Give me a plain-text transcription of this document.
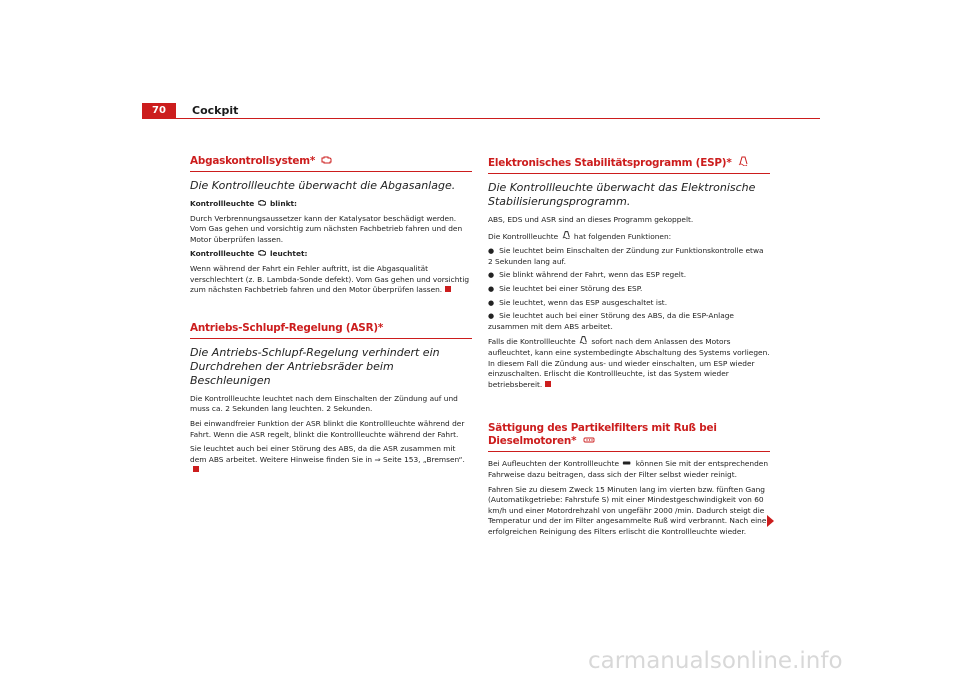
70	Cockpit
Abgaskontrollsystem*
Die Kontrollleuchte überwacht die Abgasanlage.
Kontrollleuchte blinkt:
Durch Verbrennungsaussetzer kann der Katalysator beschädigt werden. Vom Gas gehen und vorsichtig zum nächsten Fachbetrieb fahren und den Motor überprüfen lassen.
Kontrollleuchte leuchtet:
Wenn während der Fahrt ein Fehler auftritt, ist die Abgasqualität verschlechtert (z. B. Lambda-Sonde defekt). Vom Gas gehen und vorsichtig zum nächsten Fachbetrieb fahren und den Motor überprüfen lassen.
Antriebs-Schlupf-Regelung (ASR)*
Die Antriebs-Schlupf-Regelung verhindert ein Durchdrehen der Antriebsräder beim Beschleunigen
Die Kontrollleuchte leuchtet nach dem Einschalten der Zündung auf und muss ca. 2 Sekunden lang leuchten. 2 Sekunden.
Bei einwandfreier Funktion der ASR blinkt die Kontrollleuchte während der Fahrt. Wenn die ASR regelt, blinkt die Kontrollleuchte während der Fahrt.
Sie leuchtet auch bei einer Störung des ABS, da die ASR zusammen mit dem ABS arbeitet. Weitere Hinweise finden Sie in ⇒ Seite 153, „Bremsen“.
Elektronisches Stabilitätsprogramm (ESP)*
Die Kontrollleuchte überwacht das Elektronische Stabilisierungsprogramm.
ABS, EDS und ASR sind an dieses Programm gekoppelt.
Die Kontrollleuchte hat folgenden Funktionen:
● Sie leuchtet beim Einschalten der Zündung zur Funktionskontrolle etwa 2 Sekunden lang auf.
● Sie blinkt während der Fahrt, wenn das ESP regelt.
● Sie leuchtet bei einer Störung des ESP.
● Sie leuchtet, wenn das ESP ausgeschaltet ist.
● Sie leuchtet auch bei einer Störung des ABS, da die ESP-Anlage zusammen mit dem ABS arbeitet.
Falls die Kontrollleuchte sofort nach dem Anlassen des Motors aufleuchtet, kann eine systembedingte Abschaltung des Systems vorliegen. In diesem Fall die Zündung aus- und wieder einschalten, um ESP wieder einzuschalten. Erlischt die Kontrollleuchte, ist das System wieder betriebsbereit.
Sättigung des Partikelfilters mit Ruß bei Dieselmotoren*
Bei Aufleuchten der Kontrollleuchte können Sie mit der entsprechenden Fahrweise dazu beitragen, dass sich der Filter selbst wieder reinigt.
Fahren Sie zu diesem Zweck 15 Minuten lang im vierten bzw. fünften Gang (Automatikgetriebe: Fahrstufe S) mit einer Mindestgeschwindigkeit von 60 km/h und einer Motordrehzahl von ungefähr 2000 /min. Dadurch steigt die Temperatur und der im Filter angesammelte Ruß wird verbrannt. Nach einer erfolgreichen Reinigung des Filters erlischt die Kontrollleuchte wieder.
carmanualsonline.info
